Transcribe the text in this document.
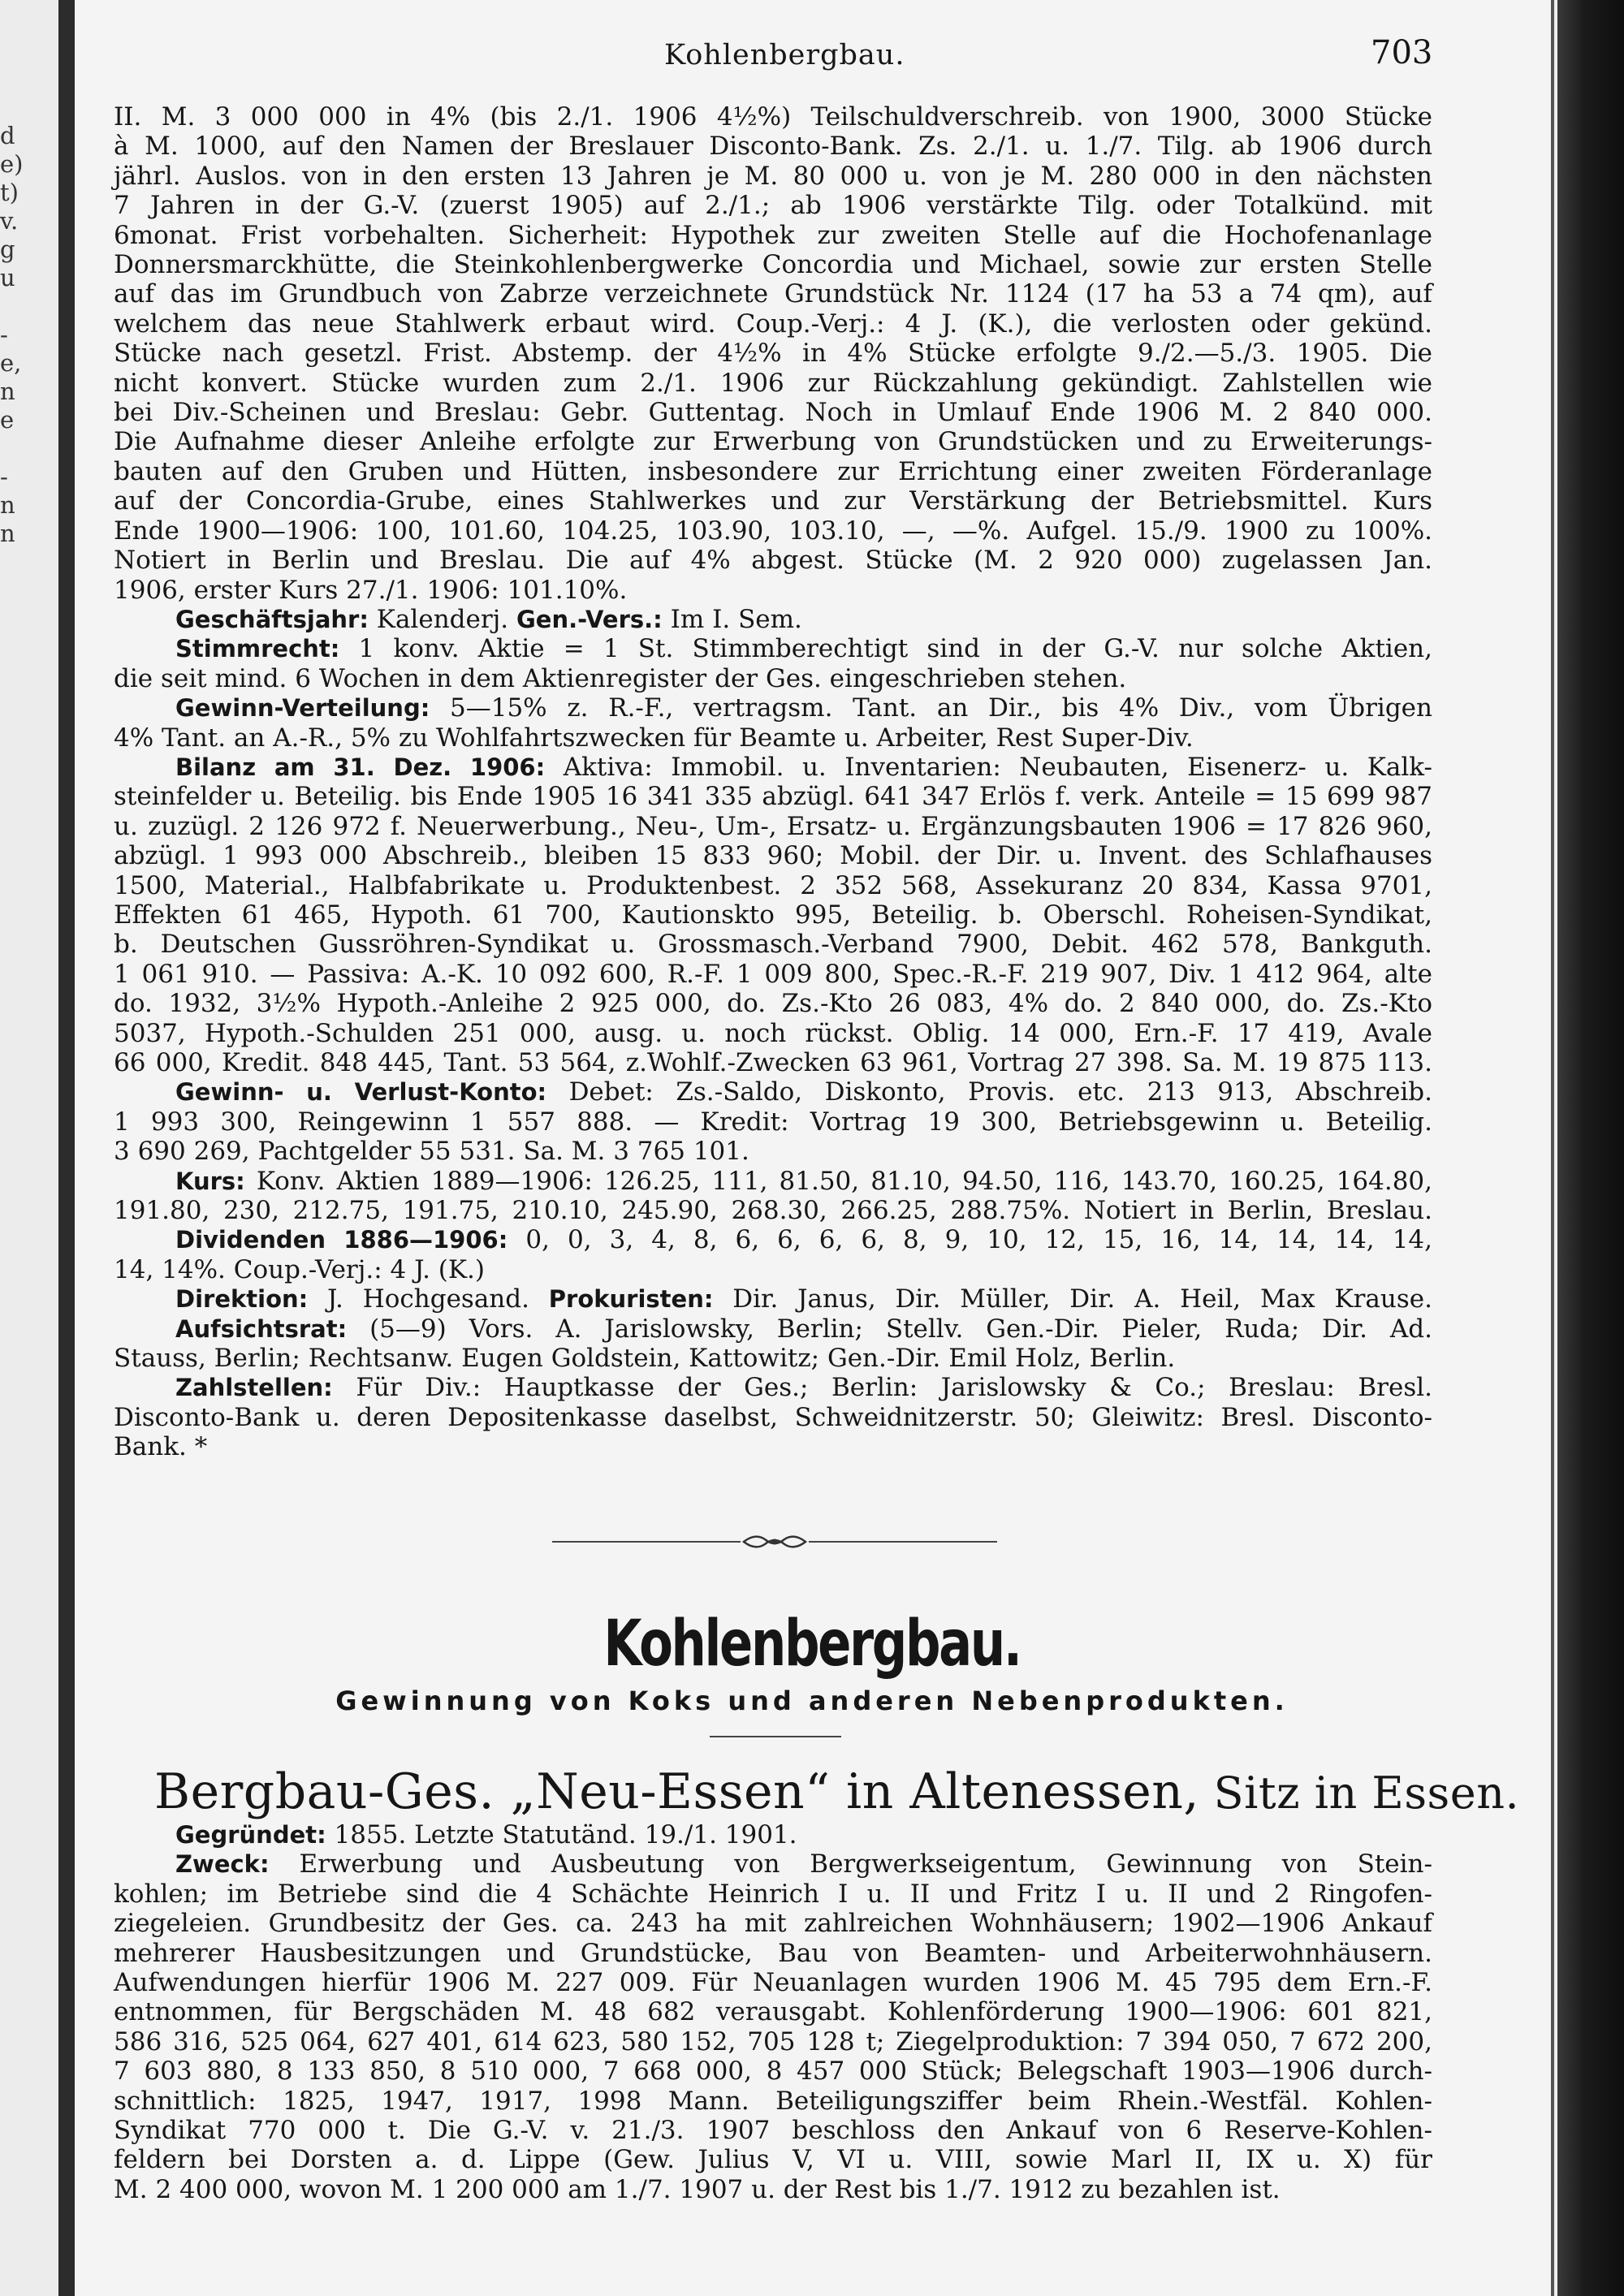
d
e)
t)
v.
g
u
-
e,
n
e
-
n
n
Kohlenbergbau.	703

II. M. 3 000 000 in 4% (bis 2./1. 1906 4½%) Teilschuldverschreib. von 1900, 3000 Stücke

à M. 1000, auf den Namen der Breslauer Disconto-Bank. Zs. 2./1. u. 1./7. Tilg. ab 1906 durch

jährl. Auslos. von in den ersten 13 Jahren je M. 80 000 u. von je M. 280 000 in den nächsten

7 Jahren in der G.-V. (zuerst 1905) auf 2./1.; ab 1906 verstärkte Tilg. oder Totalkünd. mit

6monat. Frist vorbehalten. Sicherheit: Hypothek zur zweiten Stelle auf die Hochofenanlage

Donnersmarckhütte, die Steinkohlenbergwerke Concordia und Michael, sowie zur ersten Stelle

auf das im Grundbuch von Zabrze verzeichnete Grundstück Nr. 1124 (17 ha 53 a 74 qm), auf

welchem das neue Stahlwerk erbaut wird. Coup.-Verj.: 4 J. (K.), die verlosten oder gekünd.

Stücke nach gesetzl. Frist. Abstemp. der 4½% in 4% Stücke erfolgte 9./2.—5./3. 1905. Die

nicht konvert. Stücke wurden zum 2./1. 1906 zur Rückzahlung gekündigt. Zahlstellen wie

bei Div.-Scheinen und Breslau: Gebr. Guttentag. Noch in Umlauf Ende 1906 M. 2 840 000.

Die Aufnahme dieser Anleihe erfolgte zur Erwerbung von Grundstücken und zu Erweiterungs-

bauten auf den Gruben und Hütten, insbesondere zur Errichtung einer zweiten Förderanlage

auf der Concordia-Grube, eines Stahlwerkes und zur Verstärkung der Betriebsmittel. Kurs

Ende 1900—1906: 100, 101.60, 104.25, 103.90, 103.10, —, —%. Aufgel. 15./9. 1900 zu 100%.

Notiert in Berlin und Breslau. Die auf 4% abgest. Stücke (M. 2 920 000) zugelassen Jan.

1906, erster Kurs 27./1. 1906: 101.10%.

Geschäftsjahr: Kalenderj. Gen.-Vers.: Im I. Sem.

Stimmrecht: 1 konv. Aktie = 1 St. Stimmberechtigt sind in der G.-V. nur solche Aktien,

die seit mind. 6 Wochen in dem Aktienregister der Ges. eingeschrieben stehen.

Gewinn-Verteilung: 5—15% z. R.-F., vertragsm. Tant. an Dir., bis 4% Div., vom Übrigen

4% Tant. an A.-R., 5% zu Wohlfahrtszwecken für Beamte u. Arbeiter, Rest Super-Div.

Bilanz am 31. Dez. 1906: Aktiva: Immobil. u. Inventarien: Neubauten, Eisenerz- u. Kalk-

steinfelder u. Beteilig. bis Ende 1905 16 341 335 abzügl. 641 347 Erlös f. verk. Anteile = 15 699 987

u. zuzügl. 2 126 972 f. Neuerwerbung., Neu-, Um-, Ersatz- u. Ergänzungsbauten 1906 = 17 826 960,

abzügl. 1 993 000 Abschreib., bleiben 15 833 960; Mobil. der Dir. u. Invent. des Schlafhauses

1500, Material., Halbfabrikate u. Produktenbest. 2 352 568, Assekuranz 20 834, Kassa 9701,

Effekten 61 465, Hypoth. 61 700, Kautionskto 995, Beteilig. b. Oberschl. Roheisen-Syndikat,

b. Deutschen Gussröhren-Syndikat u. Grossmasch.-Verband 7900, Debit. 462 578, Bankguth.

1 061 910. — Passiva: A.-K. 10 092 600, R.-F. 1 009 800, Spec.-R.-F. 219 907, Div. 1 412 964, alte

do. 1932, 3½% Hypoth.-Anleihe 2 925 000, do. Zs.-Kto 26 083, 4% do. 2 840 000, do. Zs.-Kto

5037, Hypoth.-Schulden 251 000, ausg. u. noch rückst. Oblig. 14 000, Ern.-F. 17 419, Avale

66 000, Kredit. 848 445, Tant. 53 564, z.Wohlf.-Zwecken 63 961, Vortrag 27 398. Sa. M. 19 875 113.

Gewinn- u. Verlust-Konto: Debet: Zs.-Saldo, Diskonto, Provis. etc. 213 913, Abschreib.

1 993 300, Reingewinn 1 557 888. — Kredit: Vortrag 19 300, Betriebsgewinn u. Beteilig.

3 690 269, Pachtgelder 55 531. Sa. M. 3 765 101.

Kurs: Konv. Aktien 1889—1906: 126.25, 111, 81.50, 81.10, 94.50, 116, 143.70, 160.25, 164.80,

191.80, 230, 212.75, 191.75, 210.10, 245.90, 268.30, 266.25, 288.75%. Notiert in Berlin, Breslau.

Dividenden 1886—1906: 0, 0, 3, 4, 8, 6, 6, 6, 6, 8, 9, 10, 12, 15, 16, 14, 14, 14, 14,

14, 14%. Coup.-Verj.: 4 J. (K.)

Direktion: J. Hochgesand. Prokuristen: Dir. Janus, Dir. Müller, Dir. A. Heil, Max Krause.

Aufsichtsrat: (5—9) Vors. A. Jarislowsky, Berlin; Stellv. Gen.-Dir. Pieler, Ruda; Dir. Ad.

Stauss, Berlin; Rechtsanw. Eugen Goldstein, Kattowitz; Gen.-Dir. Emil Holz, Berlin.

Zahlstellen: Für Div.: Hauptkasse der Ges.; Berlin: Jarislowsky & Co.; Breslau: Bresl.

Disconto-Bank u. deren Depositenkasse daselbst, Schweidnitzerstr. 50; Gleiwitz: Bresl. Disconto-

Bank. *

Kohlenbergbau.
Gewinnung von Koks und anderen Nebenprodukten.
Bergbau-Ges. „Neu-Essen“ in Altenessen, Sitz in Essen.

Gegründet: 1855. Letzte Statutänd. 19./1. 1901.

Zweck: Erwerbung und Ausbeutung von Bergwerkseigentum, Gewinnung von Stein-

kohlen; im Betriebe sind die 4 Schächte Heinrich I u. II und Fritz I u. II und 2 Ringofen-

ziegeleien. Grundbesitz der Ges. ca. 243 ha mit zahlreichen Wohnhäusern; 1902—1906 Ankauf

mehrerer Hausbesitzungen und Grundstücke, Bau von Beamten- und Arbeiterwohnhäusern.

Aufwendungen hierfür 1906 M. 227 009. Für Neuanlagen wurden 1906 M. 45 795 dem Ern.-F.

entnommen, für Bergschäden M. 48 682 verausgabt. Kohlenförderung 1900—1906: 601 821,

586 316, 525 064, 627 401, 614 623, 580 152, 705 128 t; Ziegelproduktion: 7 394 050, 7 672 200,

7 603 880, 8 133 850, 8 510 000, 7 668 000, 8 457 000 Stück; Belegschaft 1903—1906 durch-

schnittlich: 1825, 1947, 1917, 1998 Mann. Beteiligungsziffer beim Rhein.-Westfäl. Kohlen-

Syndikat 770 000 t. Die G.-V. v. 21./3. 1907 beschloss den Ankauf von 6 Reserve-Kohlen-

feldern bei Dorsten a. d. Lippe (Gew. Julius V, VI u. VIII, sowie Marl II, IX u. X) für

M. 2 400 000, wovon M. 1 200 000 am 1./7. 1907 u. der Rest bis 1./7. 1912 zu bezahlen ist.
